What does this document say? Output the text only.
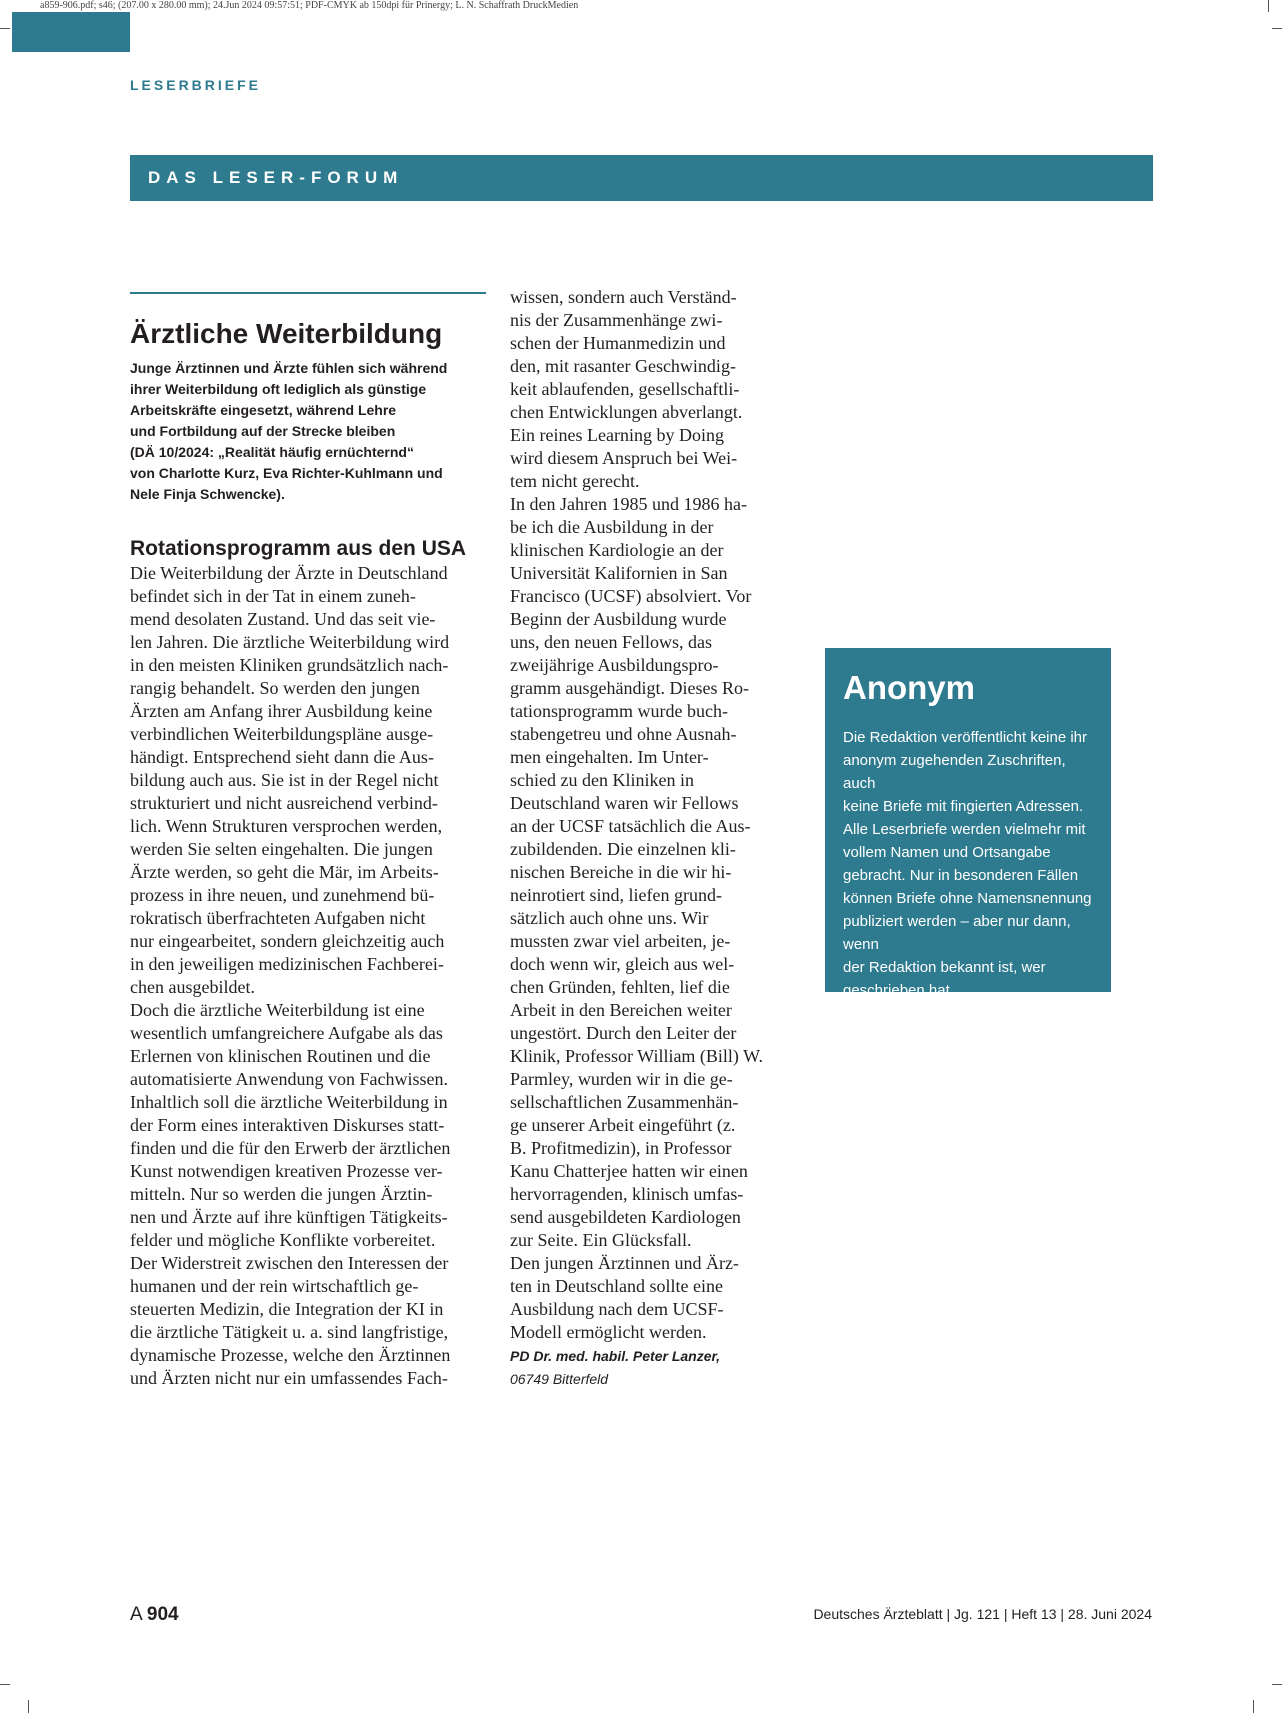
a859-906.pdf; s46; (207.00 x 280.00 mm); 24.Jun 2024 09:57:51; PDF-CMYK ab 150dpi für Prinergy; L. N. Schaffrath DruckMedien
LESERBRIEFE
DAS LESER-FORUM
Ärztliche Weiterbildung
Junge Ärztinnen und Ärzte fühlen sich während
ihrer Weiterbildung oft lediglich als günstige
Arbeitskräfte eingesetzt, während Lehre
und Fortbildung auf der Strecke bleiben
(DÄ 10/2024: „Realität häufig ernüchternd“
von Charlotte Kurz, Eva Richter-Kuhlmann und
Nele Finja Schwencke).
Rotationsprogramm aus den USA
Die Weiterbildung der Ärzte in Deutschland
befindet sich in der Tat in einem zuneh-
mend desolaten Zustand. Und das seit vie-
len Jahren. Die ärztliche Weiterbildung wird
in den meisten Kliniken grundsätzlich nach-
rangig behandelt. So werden den jungen
Ärzten am Anfang ihrer Ausbildung keine
verbindlichen Weiterbildungspläne ausge-
händigt. Entsprechend sieht dann die Aus-
bildung auch aus. Sie ist in der Regel nicht
strukturiert und nicht ausreichend verbind-
lich. Wenn Strukturen versprochen werden,
werden Sie selten eingehalten. Die jungen
Ärzte werden, so geht die Mär, im Arbeits-
prozess in ihre neuen, und zunehmend bü-
rokratisch überfrachteten Aufgaben nicht
nur eingearbeitet, sondern gleichzeitig auch
in den jeweiligen medizinischen Fachberei-
chen ausgebildet.
Doch die ärztliche Weiterbildung ist eine
wesentlich umfangreichere Aufgabe als das
Erlernen von klinischen Routinen und die
automatisierte Anwendung von Fachwissen.
Inhaltlich soll die ärztliche Weiterbildung in
der Form eines interaktiven Diskurses statt-
finden und die für den Erwerb der ärztlichen
Kunst notwendigen kreativen Prozesse ver-
mitteln. Nur so werden die jungen Ärztin-
nen und Ärzte auf ihre künftigen Tätigkeits-
felder und mögliche Konflikte vorbereitet.
Der Widerstreit zwischen den Interessen der
humanen und der rein wirtschaftlich ge-
steuerten Medizin, die Integration der KI in
die ärztliche Tätigkeit u. a. sind langfristige,
dynamische Prozesse, welche den Ärztinnen
und Ärzten nicht nur ein umfassendes Fach-
wissen, sondern auch Verständ-
nis der Zusammenhänge zwi-
schen der Humanmedizin und
den, mit rasanter Geschwindig-
keit ablaufenden, gesellschaftli-
chen Entwicklungen abverlangt.
Ein reines Learning by Doing
wird diesem Anspruch bei Wei-
tem nicht gerecht.
In den Jahren 1985 und 1986 ha-
be ich die Ausbildung in der
klinischen Kardiologie an der
Universität Kalifornien in San
Francisco (UCSF) absolviert. Vor
Beginn der Ausbildung wurde
uns, den neuen Fellows, das
zweijährige Ausbildungspro-
gramm ausgehändigt. Dieses Ro-
tationsprogramm wurde buch-
stabengetreu und ohne Ausnah-
men eingehalten. Im Unter-
schied zu den Kliniken in
Deutschland waren wir Fellows
an der UCSF tatsächlich die Aus-
zubildenden. Die einzelnen kli-
nischen Bereiche in die wir hi-
neinrotiert sind, liefen grund-
sätzlich auch ohne uns. Wir
mussten zwar viel arbeiten, je-
doch wenn wir, gleich aus wel-
chen Gründen, fehlten, lief die
Arbeit in den Bereichen weiter
ungestört. Durch den Leiter der
Klinik, Professor William (Bill) W.
Parmley, wurden wir in die ge-
sellschaftlichen Zusammenhän-
ge unserer Arbeit eingeführt (z.
B. Profitmedizin), in Professor
Kanu Chatterjee hatten wir einen
hervorragenden, klinisch umfas-
send ausgebildeten Kardiologen
zur Seite. Ein Glücksfall.
Den jungen Ärztinnen und Ärz-
ten in Deutschland sollte eine
Ausbildung nach dem UCSF-
Modell ermöglicht werden.
PD Dr. med. habil. Peter Lanzer,
06749 Bitterfeld
Anonym
Die Redaktion veröffentlicht keine ihr
anonym zugehenden Zuschriften, auch
keine Briefe mit fingierten Adressen.
Alle Leserbriefe werden vielmehr mit
vollem Namen und Ortsangabe
gebracht. Nur in besonderen Fällen
können Briefe ohne Namensnennung
publiziert werden – aber nur dann, wenn
der Redaktion bekannt ist, wer
geschrieben hat.
A 904	Deutsches Ärzteblatt | Jg. 121 | Heft 13 | 28. Juni 2024
